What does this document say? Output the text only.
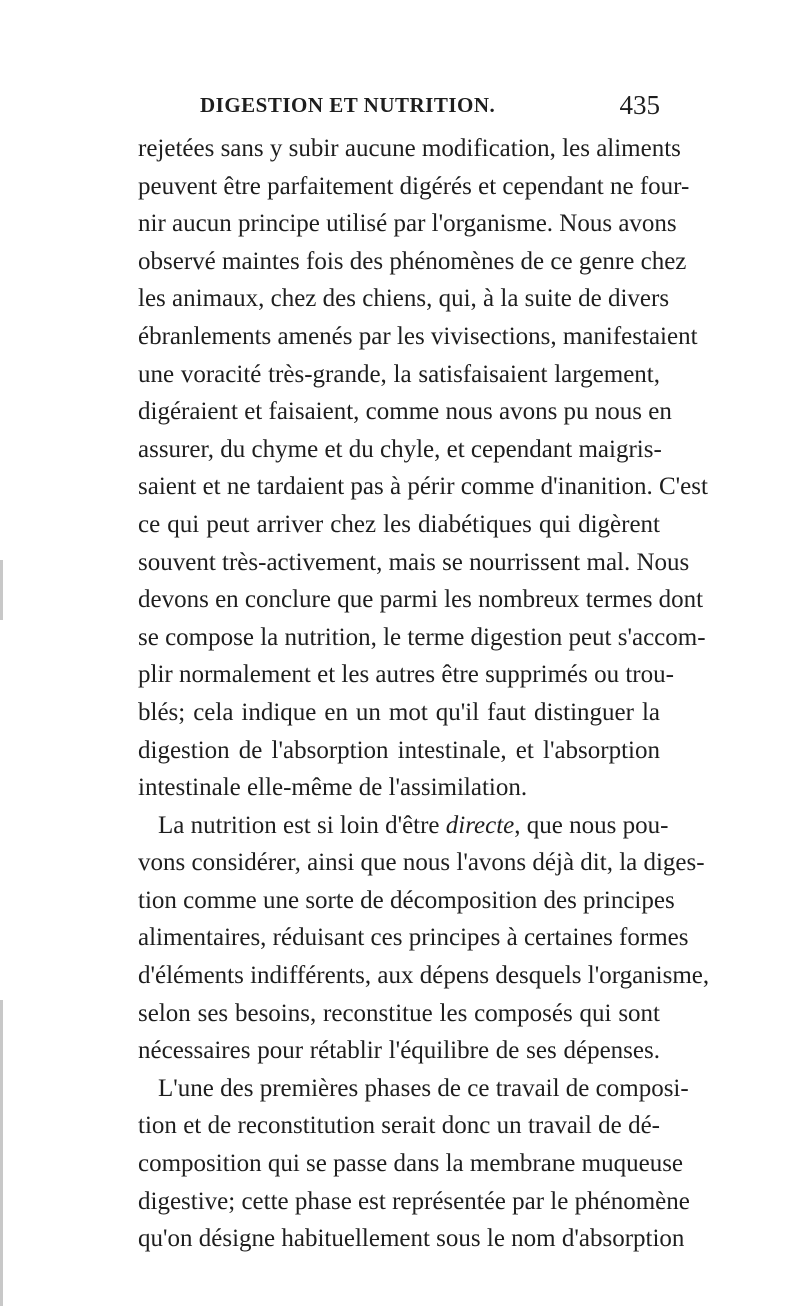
DIGESTION ET NUTRITION.	435
rejetées sans y subir aucune modification, les aliments
peuvent être parfaitement digérés et cependant ne four-
nir aucun principe utilisé par l'organisme. Nous avons
observé maintes fois des phénomènes de ce genre chez
les animaux, chez des chiens, qui, à la suite de divers
ébranlements amenés par les vivisections, manifestaient
une voracité très-grande, la satisfaisaient largement,
digéraient et faisaient, comme nous avons pu nous en
assurer, du chyme et du chyle, et cependant maigris-
saient et ne tardaient pas à périr comme d'inanition. C'est
ce qui peut arriver chez les diabétiques qui digèrent
souvent très-activement, mais se nourrissent mal. Nous
devons en conclure que parmi les nombreux termes dont
se compose la nutrition, le terme digestion peut s'accom-
plir normalement et les autres être supprimés ou trou-
blés; cela indique en un mot qu'il faut distinguer la
digestion de l'absorption intestinale, et l'absorption
intestinale elle-même de l'assimilation.
La nutrition est si loin d'être directe, que nous pou-
vons considérer, ainsi que nous l'avons déjà dit, la diges-
tion comme une sorte de décomposition des principes
alimentaires, réduisant ces principes à certaines formes
d'éléments indifférents, aux dépens desquels l'organisme,
selon ses besoins, reconstitue les composés qui sont
nécessaires pour rétablir l'équilibre de ses dépenses.
L'une des premières phases de ce travail de composi-
tion et de reconstitution serait donc un travail de dé-
composition qui se passe dans la membrane muqueuse
digestive; cette phase est représentée par le phénomène
qu'on désigne habituellement sous le nom d'absorption
